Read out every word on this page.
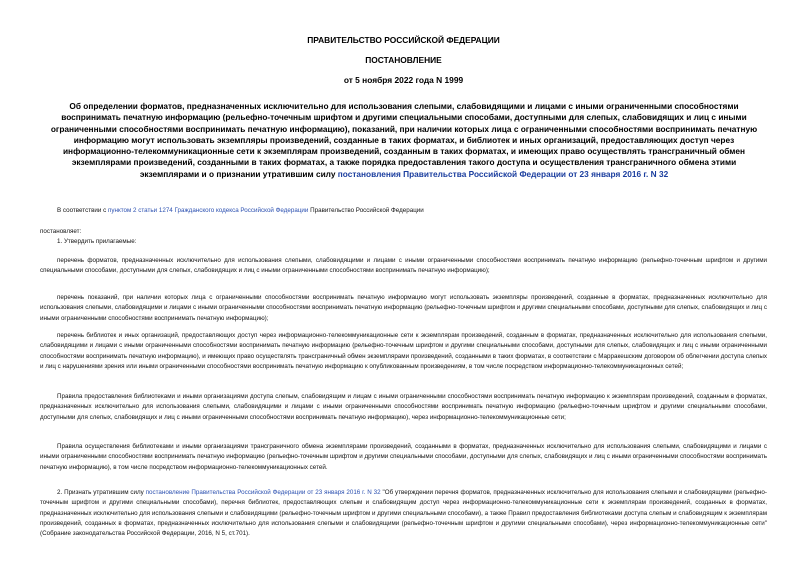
ПРАВИТЕЛЬСТВО РОССИЙСКОЙ ФЕДЕРАЦИИ
ПОСТАНОВЛЕНИЕ
от 5 ноября 2022 года N 1999
Об определении форматов, предназначенных исключительно для использования слепыми, слабовидящими и лицами с иными ограниченными способностями воспринимать печатную информацию (рельефно-точечным шрифтом и другими специальными способами, доступными для слепых, слабовидящих и лиц с иными ограниченными способностями воспринимать печатную информацию), показаний, при наличии которых лица с ограниченными способностями воспринимать печатную информацию могут использовать экземпляры произведений, созданные в таких форматах, и библиотек и иных организаций, предоставляющих доступ через информационно-телекоммуникационные сети к экземплярам произведений, созданным в таких форматах, и имеющих право осуществлять трансграничный обмен экземплярами произведений, созданными в таких форматах, а также порядка предоставления такого доступа и осуществления трансграничного обмена этими экземплярами и о признании утратившим силу постановления Правительства Российской Федерации от 23 января 2016 г. N 32

В соответствии с пунктом 2 статьи 1274 Гражданского кодекса Российской Федерации Правительство Российской Федерации

постановляет:

1. Утвердить прилагаемые:

перечень форматов, предназначенных исключительно для использования слепыми, слабовидящими и лицами с иными ограниченными способностями воспринимать печатную информацию (рельефно-точечным шрифтом и другими специальными способами, доступными для слепых, слабовидящих и лиц с иными ограниченными способностями воспринимать печатную информацию);

перечень показаний, при наличии которых лица с ограниченными способностями воспринимать печатную информацию могут использовать экземпляры произведений, созданные в форматах, предназначенных исключительно для использования слепыми, слабовидящими и лицами с иными ограниченными способностями воспринимать печатную информацию (рельефно-точечным шрифтом и другими специальными способами, доступными для слепых, слабовидящих и лиц с иными ограниченными способностями воспринимать печатную информацию);

перечень библиотек и иных организаций, предоставляющих доступ через информационно-телекоммуникационные сети к экземплярам произведений, созданным в форматах, предназначенных исключительно для использования слепыми, слабовидящими и лицами с иными ограниченными способностями воспринимать печатную информацию (рельефно-точечным шрифтом и другими специальными способами, доступными для слепых, слабовидящих и лиц с иными ограниченными способностями воспринимать печатную информацию), и имеющих право осуществлять трансграничный обмен экземплярами произведений, созданными в таких форматах, в соответствии с Марракешским договором об облегчении доступа слепых и лиц с нарушениями зрения или иными ограниченными способностями воспринимать печатную информацию к опубликованным произведениям, в том числе посредством информационно-телекоммуникационных сетей;

Правила предоставления библиотеками и иными организациями доступа слепым, слабовидящим и лицам с иными ограниченными способностями воспринимать печатную информацию к экземплярам произведений, созданным в форматах, предназначенных исключительно для использования слепыми, слабовидящими и лицами с иными ограниченными способностями воспринимать печатную информацию (рельефно-точечным шрифтом и другими специальными способами, доступными для слепых, слабовидящих и лиц с иными ограниченными способностями воспринимать печатную информацию), через информационно-телекоммуникационные сети;

Правила осуществления библиотеками и иными организациями трансграничного обмена экземплярами произведений, созданными в форматах, предназначенных исключительно для использования слепыми, слабовидящими и лицами с иными ограниченными способностями воспринимать печатную информацию (рельефно-точечным шрифтом и другими специальными способами, доступными для слепых, слабовидящих и лиц с иными ограниченными способностями воспринимать печатную информацию), в том числе посредством информационно-телекоммуникационных сетей.

2. Признать утратившим силу постановление Правительства Российской Федерации от 23 января 2016 г. N 32 "Об утверждении перечня форматов, предназначенных исключительно для использования слепыми и слабовидящими (рельефно-точечным шрифтом и другими специальными способами), перечня библиотек, предоставляющих слепым и слабовидящим доступ через информационно-телекоммуникационные сети к экземплярам произведений, созданных в форматах, предназначенных исключительно для использования слепыми и слабовидящими (рельефно-точечным шрифтом и другими специальными способами), а также Правил предоставления библиотеками доступа слепым и слабовидящим к экземплярам произведений, созданных в форматах, предназначенных исключительно для использования слепыми и слабовидящими (рельефно-точечным шрифтом и другими специальными способами), через информационно-телекоммуникационные сети" (Собрание законодательства Российской Федерации, 2016, N 5, ст.701).
